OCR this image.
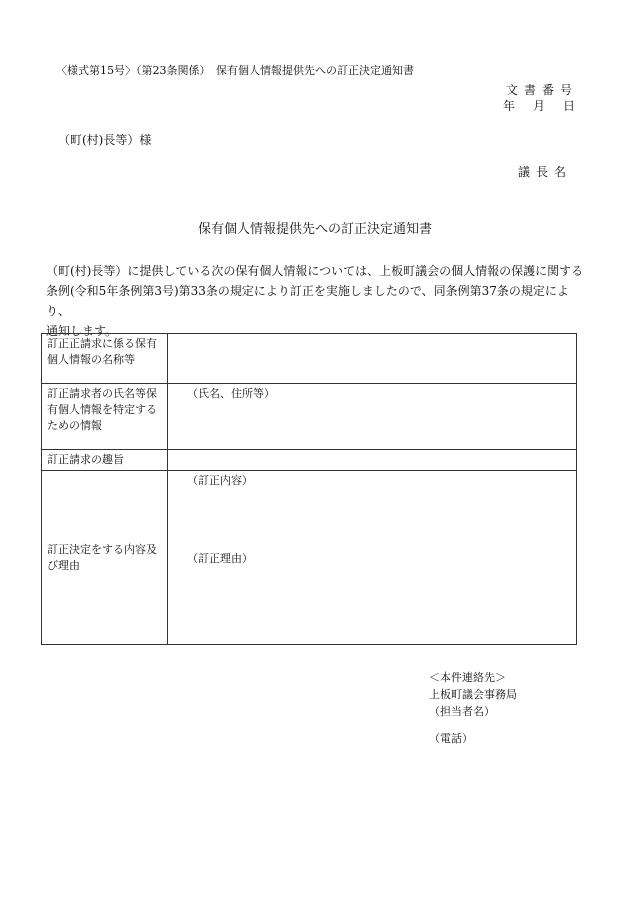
〈様式第15号〉（第23条関係）　保有個人情報提供先への訂正決定通知書
文書番号
年　月　日
（町(村)長等）様
議長名
保有個人情報提供先への訂正決定通知書

（町(村)長等）に提供している次の保有個人情報については、上板町議会の個人情報の保護に関する

条例(令和5年条例第3号)第33条の規定により訂正を実施しましたので、同条例第37条の規定により、

通知します。

訂正正請求に係る保有個人情報の名称等	
訂正請求者の氏名等保有個人情報を特定するための情報	（氏名、住所等）

訂正請求の趣旨	
訂正決定をする内容及び理由	（訂正内容）
（訂正理由）
＜本件連絡先＞
上板町議会事務局
（担当者名）
（電話）
